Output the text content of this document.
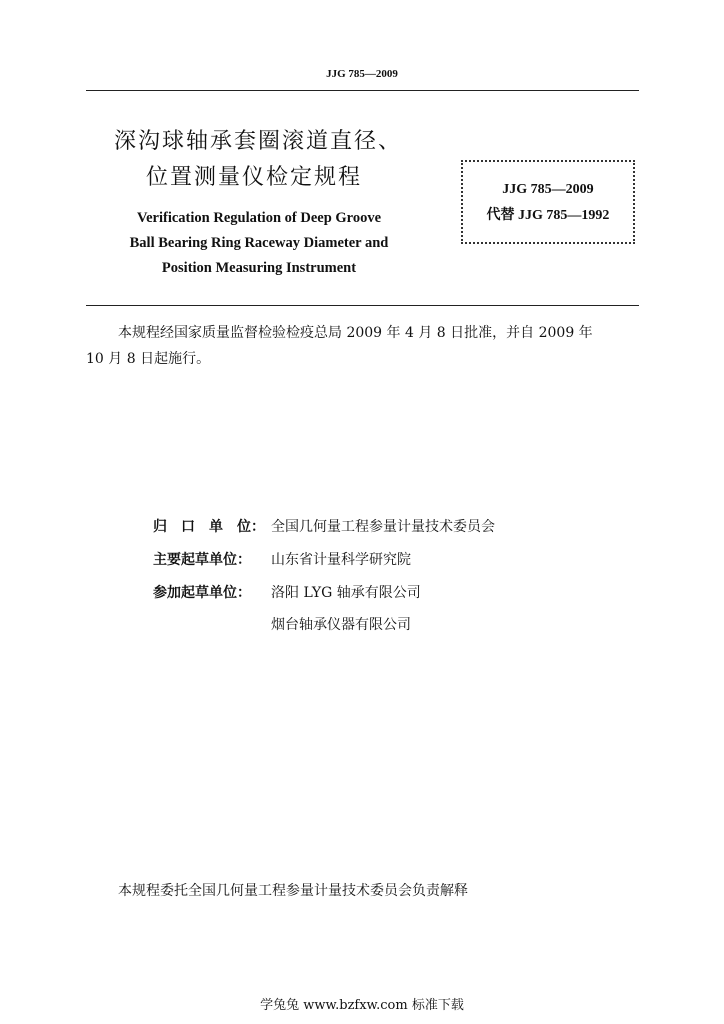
JJG 785—2009
深沟球轴承套圈滚道直径、
位置测量仪检定规程
Verification Regulation of Deep Groove
Ball Bearing Ring Raceway Diameter and
Position Measuring Instrument
JJG 785—2009
代替 JJG 785—1992
本规程经国家质量监督检验检疫总局 2009 年 4 月 8 日批准，并自 2009 年
10 月 8 日起施行。
归　口　单　位： 全国几何量工程参量计量技术委员会
主要起草单位： 山东省计量科学研究院
参加起草单位： 洛阳 LYG 轴承有限公司
烟台轴承仪器有限公司
本规程委托全国几何量工程参量计量技术委员会负责解释
学兔兔 www.bzfxw.com 标准下载
